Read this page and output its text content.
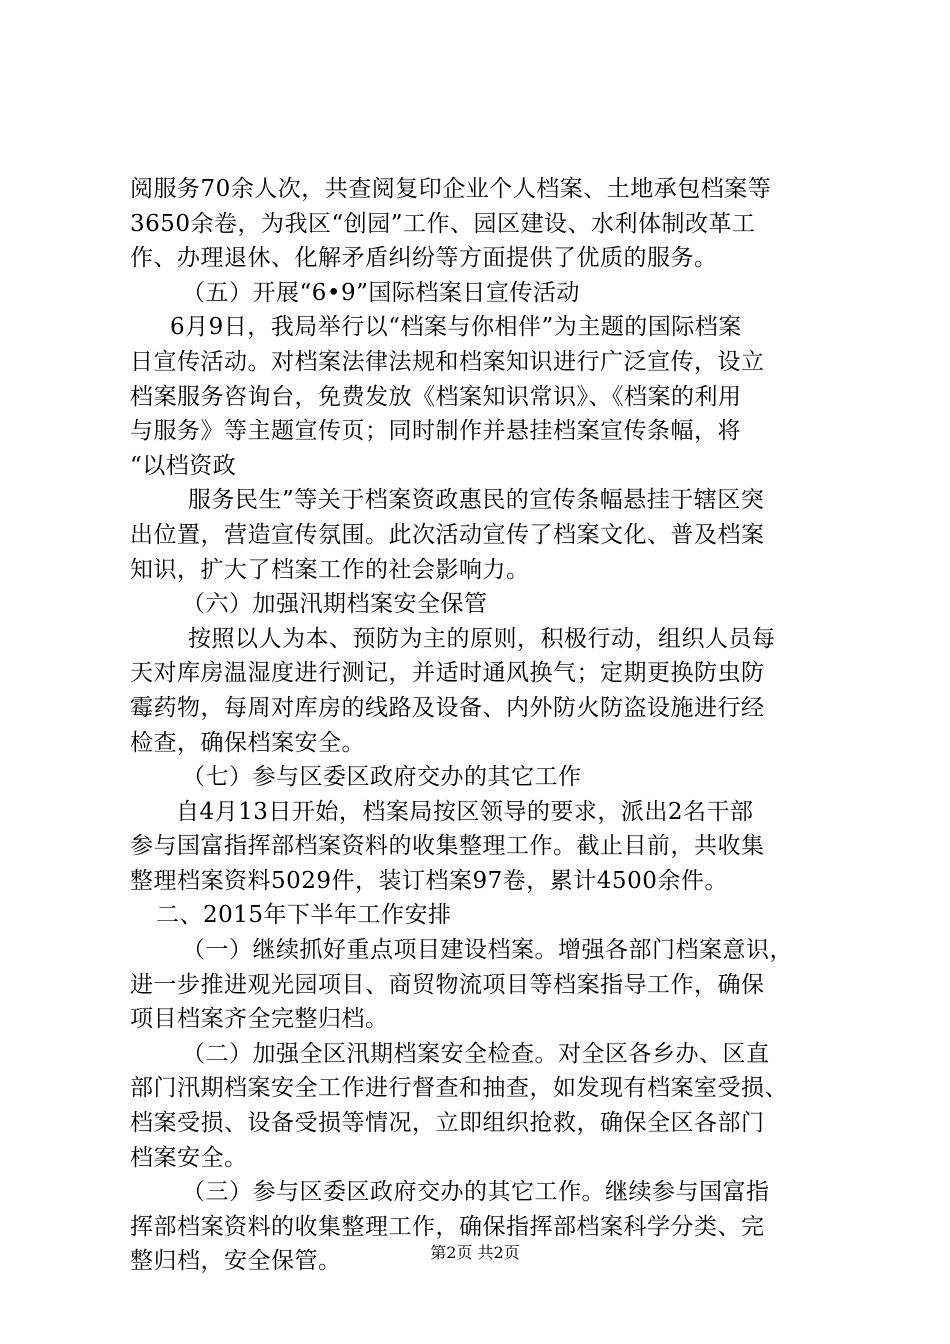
阅服务70余人次，共查阅复印企业个人档案、土地承包档案等
3650余卷，为我区“创园”工作、园区建设、水利体制改革工
作、办理退休、化解矛盾纠纷等方面提供了优质的服务。
（五）开展“6•9”国际档案日宣传活动
6月9日，我局举行以“档案与你相伴”为主题的国际档案
日宣传活动。对档案法律法规和档案知识进行广泛宣传，设立
档案服务咨询台，免费发放《档案知识常识》、《档案的利用
与服务》等主题宣传页；同时制作并悬挂档案宣传条幅，将
“以档资政
服务民生”等关于档案资政惠民的宣传条幅悬挂于辖区突
出位置，营造宣传氛围。此次活动宣传了档案文化、普及档案
知识，扩大了档案工作的社会影响力。
（六）加强汛期档案安全保管
按照以人为本、预防为主的原则，积极行动，组织人员每
天对库房温湿度进行测记，并适时通风换气；定期更换防虫防
霉药物，每周对库房的线路及设备、内外防火防盗设施进行经
检查，确保档案安全。
（七）参与区委区政府交办的其它工作
自4月13日开始，档案局按区领导的要求，派出2名干部
参与国富指挥部档案资料的收集整理工作。截止目前，共收集
整理档案资料5029件，装订档案97卷，累计4500余件。
二、2015年下半年工作安排
（一）继续抓好重点项目建设档案。增强各部门档案意识，
进一步推进观光园项目、商贸物流项目等档案指导工作，确保
项目档案齐全完整归档。
（二）加强全区汛期档案安全检查。对全区各乡办、区直
部门汛期档案安全工作进行督查和抽查，如发现有档案室受损、
档案受损、设备受损等情况，立即组织抢救，确保全区各部门
档案安全。
（三）参与区委区政府交办的其它工作。继续参与国富指
挥部档案资料的收集整理工作，确保指挥部档案科学分类、完
整归档，安全保管。	第2页 共2页
